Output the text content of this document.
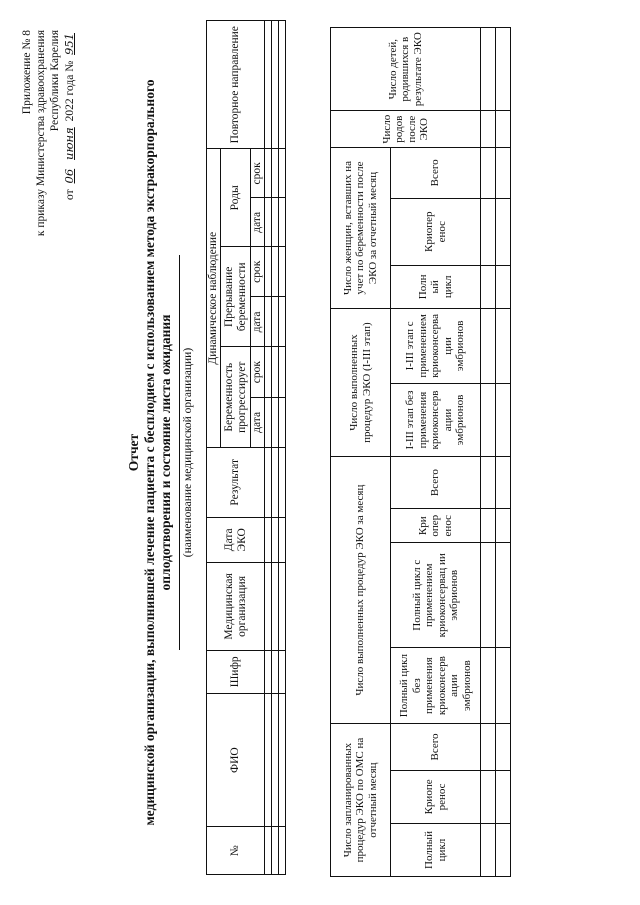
Приложение № 8 к приказу Министерства здравоохранения Республики Карелия
от 06 июня 2022 года № 951
Отчет медицинской организации, выполнившей лечение пациента с бесплодием с использованием метода экстракорпорального оплодотворения и состояние листа ожидания (наименование медицинской организации)
№	ФИО	Шифр	Медицинская организация	Дата ЭКО	Результат	Динамическое наблюдение						Повторное направление
						Беременность прогрессирует		Прерывание беременности		Роды		
						дата	срок	дата	срок	дата	срок	

Число запланированных процедур ЭКО по ОМС на отчетный месяц			Число выполненных процедур ЭКО за месяц				Число выполненных процедур ЭКО (I-III этап)		Число женщин, вставших на учет по беременности после ЭКО за отчетный месяц			Число родов после ЭКО	Число детей, родившихся в результате ЭКО
Полный цикл	Криопе ренос	Всего	Полный цикл без применения криоконсерв ации эмбрионов	Полный цикл с применением криоконсервац ии эмбрионов	Кри опер енос	Всего	I-III этап без применения криоконсерв ации эмбрионов	I-III этап с применением криоконсерва ции эмбрионов	Полн ый цикл	Криопер енос	Всего		
